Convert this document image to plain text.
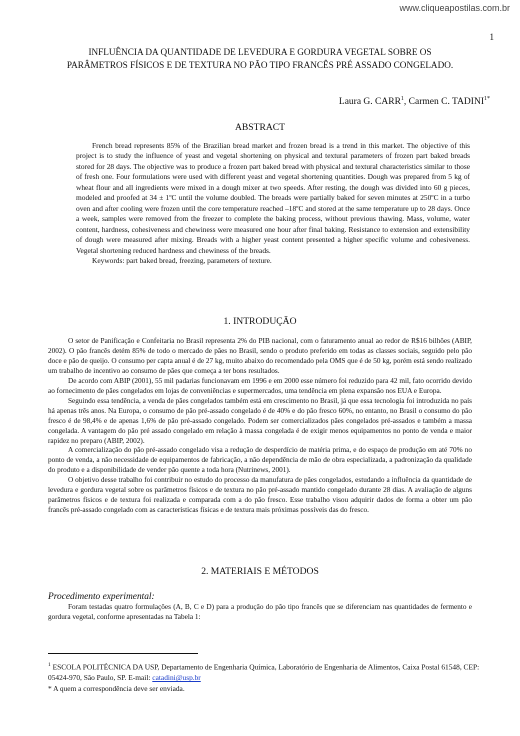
www.cliqueapostilas.com.br
1
INFLUÊNCIA DA QUANTIDADE DE LEVEDURA E GORDURA VEGETAL SOBRE OS PARÂMETROS FÍSICOS E DE TEXTURA NO PÃO TIPO FRANCÊS PRÉ ASSADO CONGELADO.
Laura G. CARR$^1$, Carmen C. $TADINI^{1*}$
ABSTRACT

French bread represents 85% of the Brazilian bread market and frozen bread is a trend in this market. The objective of this project is to study the influence of yeast and vegetal shortening on physical and textural parameters of frozen part baked breads stored for 28 days. The objective was to produce a frozen part baked bread with physical and textural characteristics similar to those of fresh one. Four formulations were used with different yeast and vegetal shortening quantities. Dough was prepared from 5 kg of wheat flour and all ingredients were mixed in a dough mixer at two speeds. After resting, the dough was divided into 60 g pieces, modeled and proofed at 34 ± 1ºC until the volume doubled. The breads were partially baked for seven minutes at 250ºC in a turbo oven and after cooling were frozen until the core temperature reached –18ºC and stored at the same temperature up to 28 days. Once a week, samples were removed from the freezer to complete the baking process, without previous thawing. Mass, volume, water content, hardness, cohesiveness and chewiness were measured one hour after final baking. Resistance to extension and extensibility of dough were measured after mixing. Breads with a higher yeast content presented a higher specific volume and cohesiveness. Vegetal shortening reduced hardness and chewiness of the breads.

Keywords: part baked bread, freezing, parameters of texture.

1. INTRODUÇÃO

O setor de Panificação e Confeitaria no Brasil representa 2% do PIB nacional, com o faturamento anual ao redor de R$16 bilhões (ABIP, 2002). O pão francês detém 85% de todo o mercado de pães no Brasil, sendo o produto preferido em todas as classes sociais, seguido pelo pão doce e pão de queijo. O consumo per capta anual é de 27 kg, muito abaixo do recomendado pela OMS que é de 50 kg, porém está sendo realizado um trabalho de incentivo ao consumo de pães que começa a ter bons resultados.

De acordo com ABIP (2001), 55 mil padarias funcionavam em 1996 e em 2000 esse número foi reduzido para 42 mil, fato ocorrido devido ao fornecimento de pães congelados em lojas de conveniências e supermercados, uma tendência em plena expansão nos EUA e Europa.

Seguindo essa tendência, a venda de pães congelados também está em crescimento no Brasil, já que essa tecnologia foi introduzida no país há apenas três anos. Na Europa, o consumo de pão pré-assado congelado é de 40% e do pão fresco 60%, no entanto, no Brasil o consumo do pão fresco é de 98,4% e de apenas 1,6% de pão pré-assado congelado. Podem ser comercializados pães congelados pré-assados e também a massa congelada. A vantagem do pão pré assado congelado em relação à massa congelada é de exigir menos equipamentos no ponto de venda e maior rapidez no preparo (ABIP, 2002).

A comercialização do pão pré-assado congelado visa a redução de desperdício de matéria prima, e do espaço de produção em até 70% no ponto de venda, a não necessidade de equipamentos de fabricação, a não dependência de mão de obra especializada, a padronização da qualidade do produto e a disponibilidade de vender pão quente a toda hora (Nutrinews, 2001).

O objetivo desse trabalho foi contribuir no estudo do processo da manufatura de pães congelados, estudando a influência da quantidade de levedura e gordura vegetal sobre os parâmetros físicos e de textura no pão pré-assado mantido congelado durante 28 dias. A avaliação de alguns parâmetros físicos e de textura foi realizada e comparada com a do pão fresco. Esse trabalho visou adquirir dados de forma a obter um pão francês pré-assado congelado com as características físicas e de textura mais próximas possíveis das do fresco.

2. MATERIAIS E MÉTODOS

Procedimento experimental:

Foram testadas quatro formulações (A, B, C e D) para a produção do pão tipo francês que se diferenciam nas quantidades de fermento e gordura vegetal, conforme apresentadas na Tabela 1:

$^1$ ESCOLA POLITÉCNICA DA USP, Departamento de Engenharia Química, Laboratório de Engenharia de Alimentos, Caixa Postal 61548, CEP: 05424-970, São Paulo, SP. E-mail: catadini@usp.br

* A quem a correspondência deve ser enviada.
